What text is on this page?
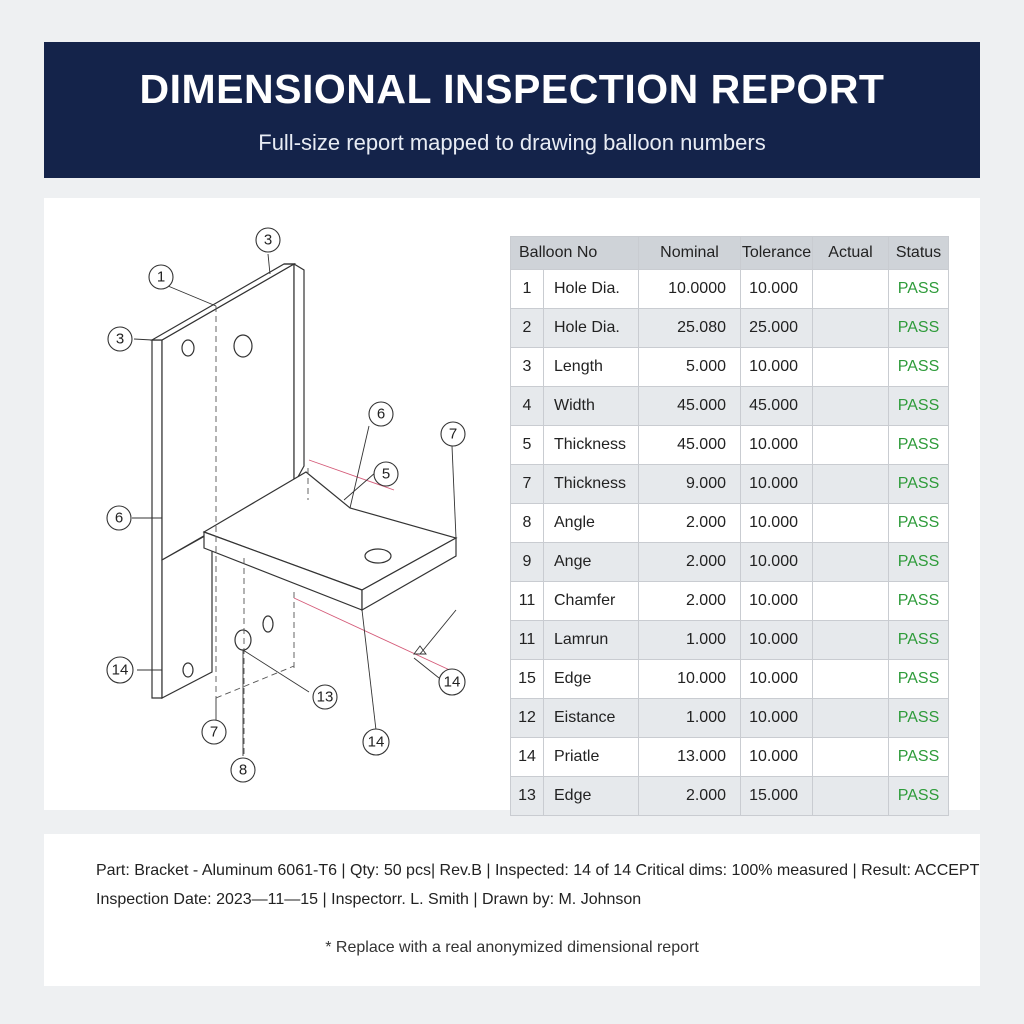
DIMENSIONAL INSPECTION REPORT
Full-size report mapped to drawing balloon numbers
1
3
3
6
7
5
6
14
13
14
7
8
14
Balloon No	Nominal	Tolerance	Actual	Status

1 Hole Dia.	10.0000	10.000		PASS

2 Hole Dia.	25.080	25.000		PASS

3 Length	5.000	10.000		PASS

4 Width	45.000	45.000		PASS

5 Thickness	45.000	10.000		PASS

7 Thickness	9.000	10.000		PASS

8 Angle	2.000	10.000		PASS

9 Ange	2.000	10.000		PASS

11 Chamfer	2.000	10.000		PASS

11 Lamrun	1.000	10.000		PASS

15 Edge	10.000	10.000		PASS

12 Eistance	1.000	10.000		PASS

14 Priatle	13.000	10.000		PASS

13 Edge	2.000	15.000		PASS
Part: Bracket - Aluminum 6061-T6 | Qty: 50 pcs| Rev.B | Inspected: 14 of 14 Critical dims: 100% measured | Result: ACCEPT
Inspection Date: 2023—11—15 | Inspectorr. L. Smith | Drawn by: M. Johnson
* Replace with a real anonymized dimensional report
